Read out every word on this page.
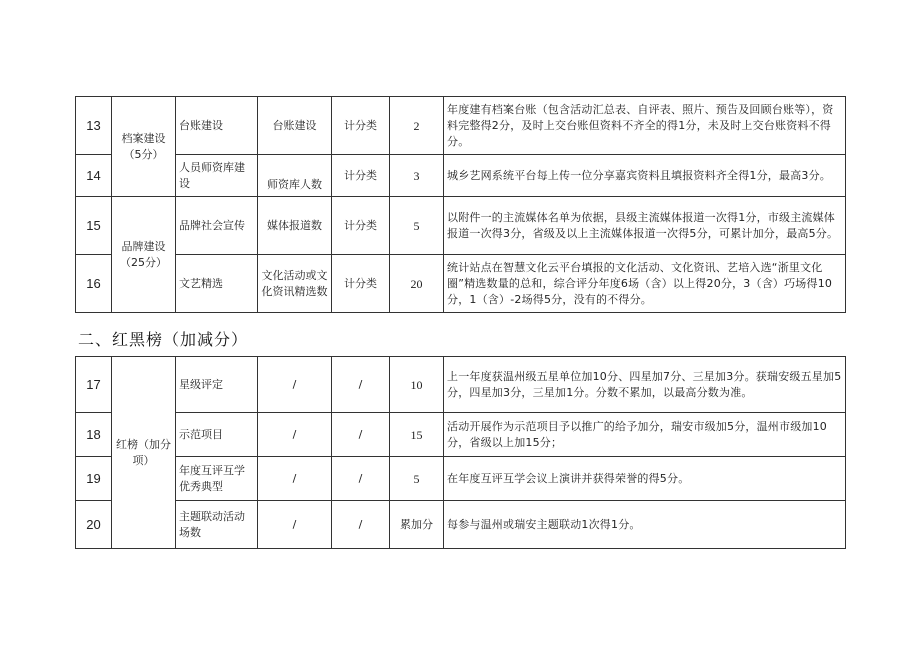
13	档案建设（5分）	台账建设	台账建设	计分类	2	年度建有档案台账（包含活动汇总表、自评表、照片、预告及回顾台账等），资料完整得2分，及时上交台账但资料不齐全的得1分，未及时上交台账资料不得分。
14		人员师资库建设	师资库人数	计分类	3	城乡艺网系统平台每上传一位分享嘉宾资料且填报资料齐全得1分，最高3分。
15	品牌建设（25分）	品牌社会宣传	媒体报道数	计分类	5	以附件一的主流媒体名单为依据，县级主流媒体报道一次得1分，市级主流媒体报道一次得3分，省级及以上主流媒体报道一次得5分，可累计加分，最高5分。
16		文艺精选	文化活动或文化资讯精选数	计分类	20	统计站点在智慧文化云平台填报的文化活动、文化资讯、艺培入选“浙里文化圈”精选数量的总和，综合评分年度6场（含）以上得20分，3（含）巧场得10分，1（含）-2场得5分，没有的不得分。
二、红黑榜（加减分）
17	红榜（加分项）	星级评定	/	/	10	上一年度获温州级五星单位加10分、四星加7分、三星加3分。获瑞安级五星加5分，四星加3分，三星加1分。分数不累加，以最高分数为准。
18		示范项目	/	/	15	活动开展作为示范项目予以推广的给予加分，瑞安市级加5分，温州市级加10分，省级以上加15分；
19		年度互评互学优秀典型	/	/	5	在年度互评互学会议上演讲并获得荣誉的得5分。
20		主题联动活动场数	/	/	累加分	每参与温州或瑞安主题联动1次得1分。
